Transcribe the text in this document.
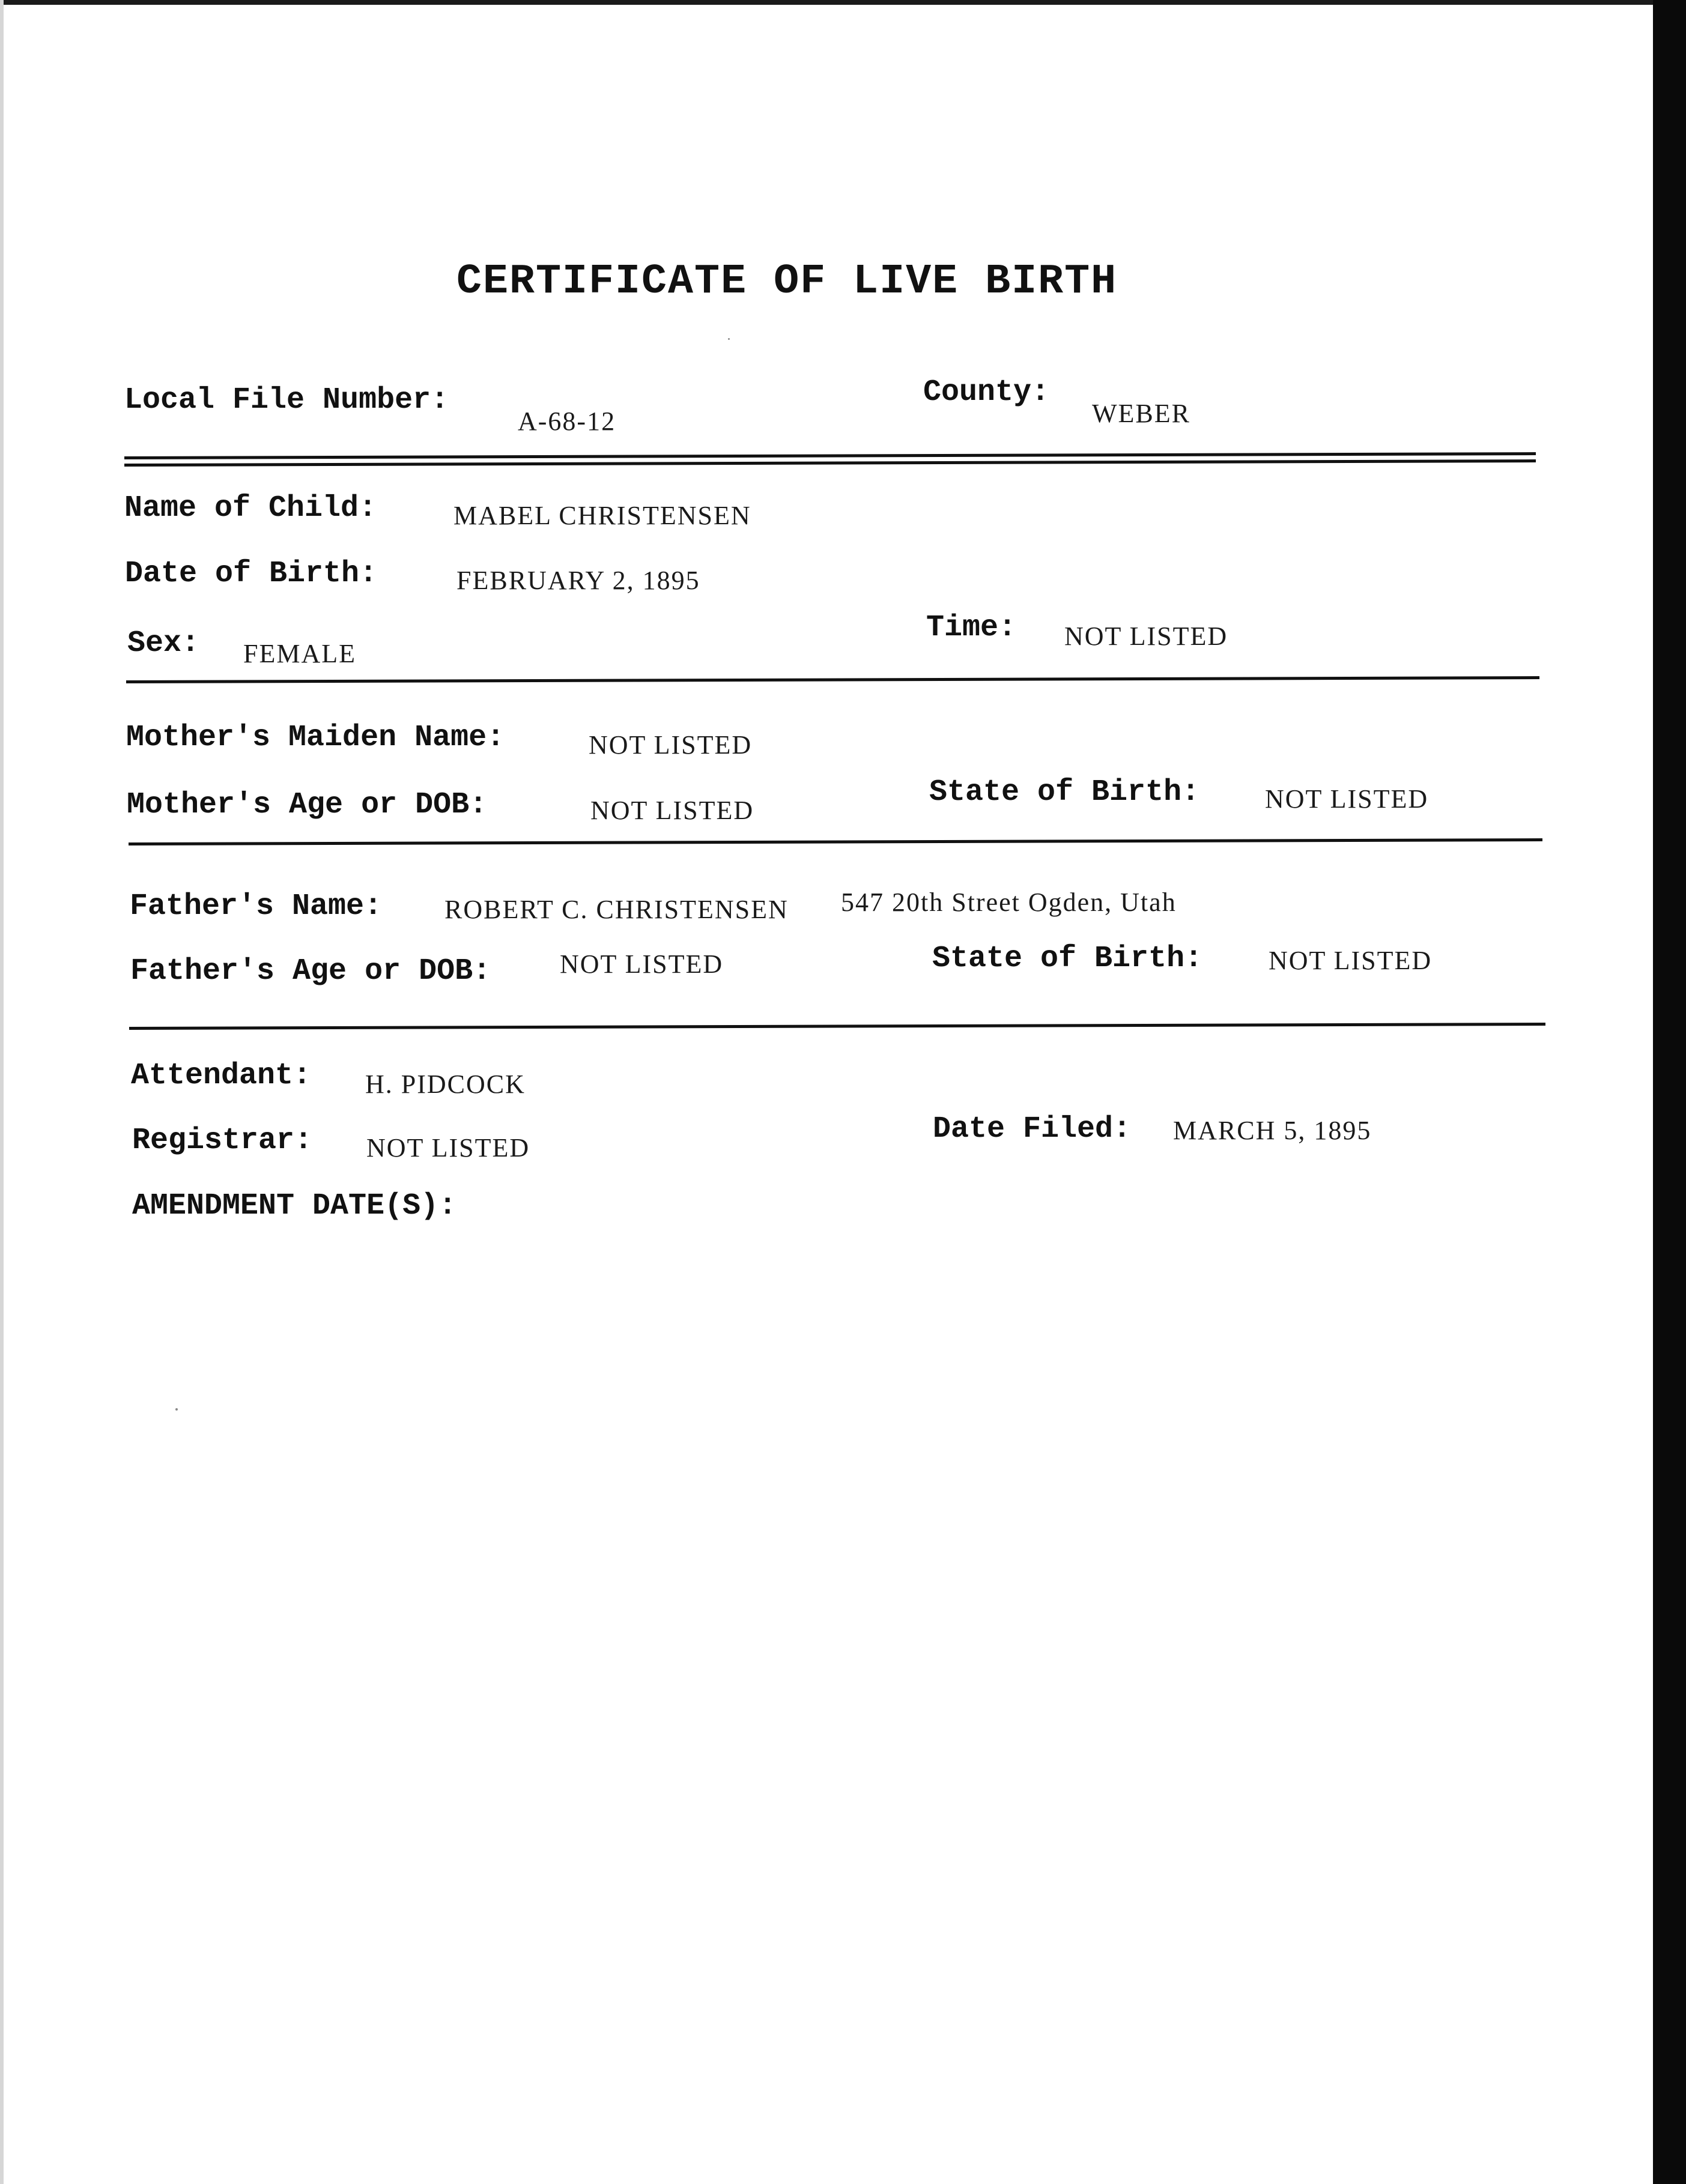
CERTIFICATE OF LIVE BIRTH
Local File Number:
A-68-12
County:
WEBER
Name of Child:	MABEL CHRISTENSEN
Date of Birth:	FEBRUARY 2, 1895
Sex: FEMALE
Time: NOT LISTED
Mother's Maiden Name:	NOT LISTED
Mother's Age or DOB:	NOT LISTED
State of Birth: NOT LISTED
Father's Name: ROBERT C. CHRISTENSEN 547 20th Street Ogden, Utah
Father's Age or DOB:	NOT LISTED	State of Birth: NOT LISTED
Attendant: H. PIDCOCK
Registrar: NOT LISTED
Date Filed: MARCH 5, 1895
AMENDMENT DATE(S):
